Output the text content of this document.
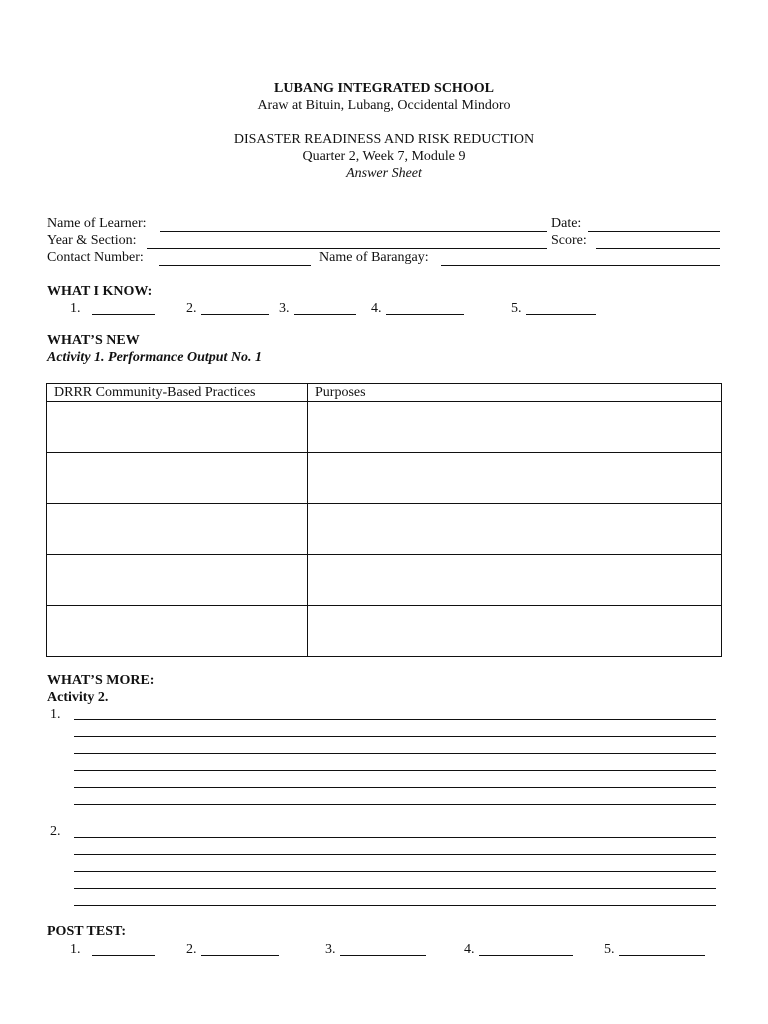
LUBANG INTEGRATED SCHOOL
Araw at Bituin, Lubang, Occidental Mindoro
DISASTER READINESS AND RISK REDUCTION
Quarter 2, Week 7, Module 9
Answer Sheet
Name of Learner:	Date:
Year & Section:	Score:
Contact Number:	Name of Barangay:
WHAT I KNOW:
1.	2.	3.	4.	5.
WHAT’S NEW
Activity 1. Performance Output No. 1
DRRR Community-Based Practices	Purposes

WHAT’S MORE:
Activity 2.
1.
2.
POST TEST:
1.	2.	3.	4.	5.
